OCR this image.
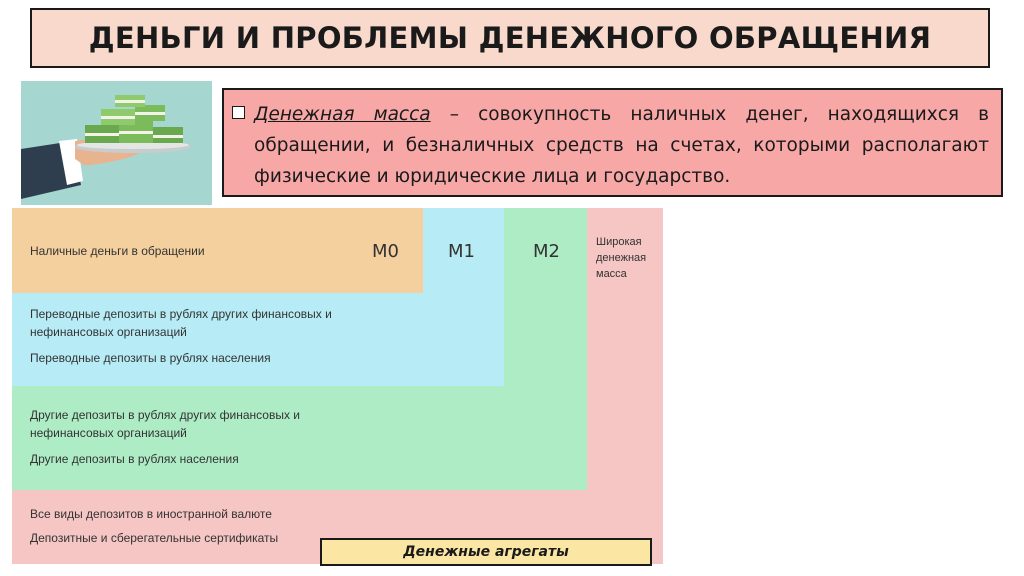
ДЕНЬГИ И ПРОБЛЕМЫ ДЕНЕЖНОГО ОБРАЩЕНИЯ
Денежная масса – совокупность наличных денег, находящихся в обращении, и безналичных средств на счетах, которыми располагают физические и юридические лица и государство.
M0	M1	M2	Широкая денежная масса
Наличные деньги в обращении
Переводные депозиты в рублях других финансовых и нефинансовых организаций
Переводные депозиты в рублях населения
Другие депозиты в рублях других финансовых и нефинансовых организаций
Другие депозиты в рублях населения
Все виды депозитов в иностранной валюте
Депозитные и сберегательные сертификаты
Денежные агрегаты
